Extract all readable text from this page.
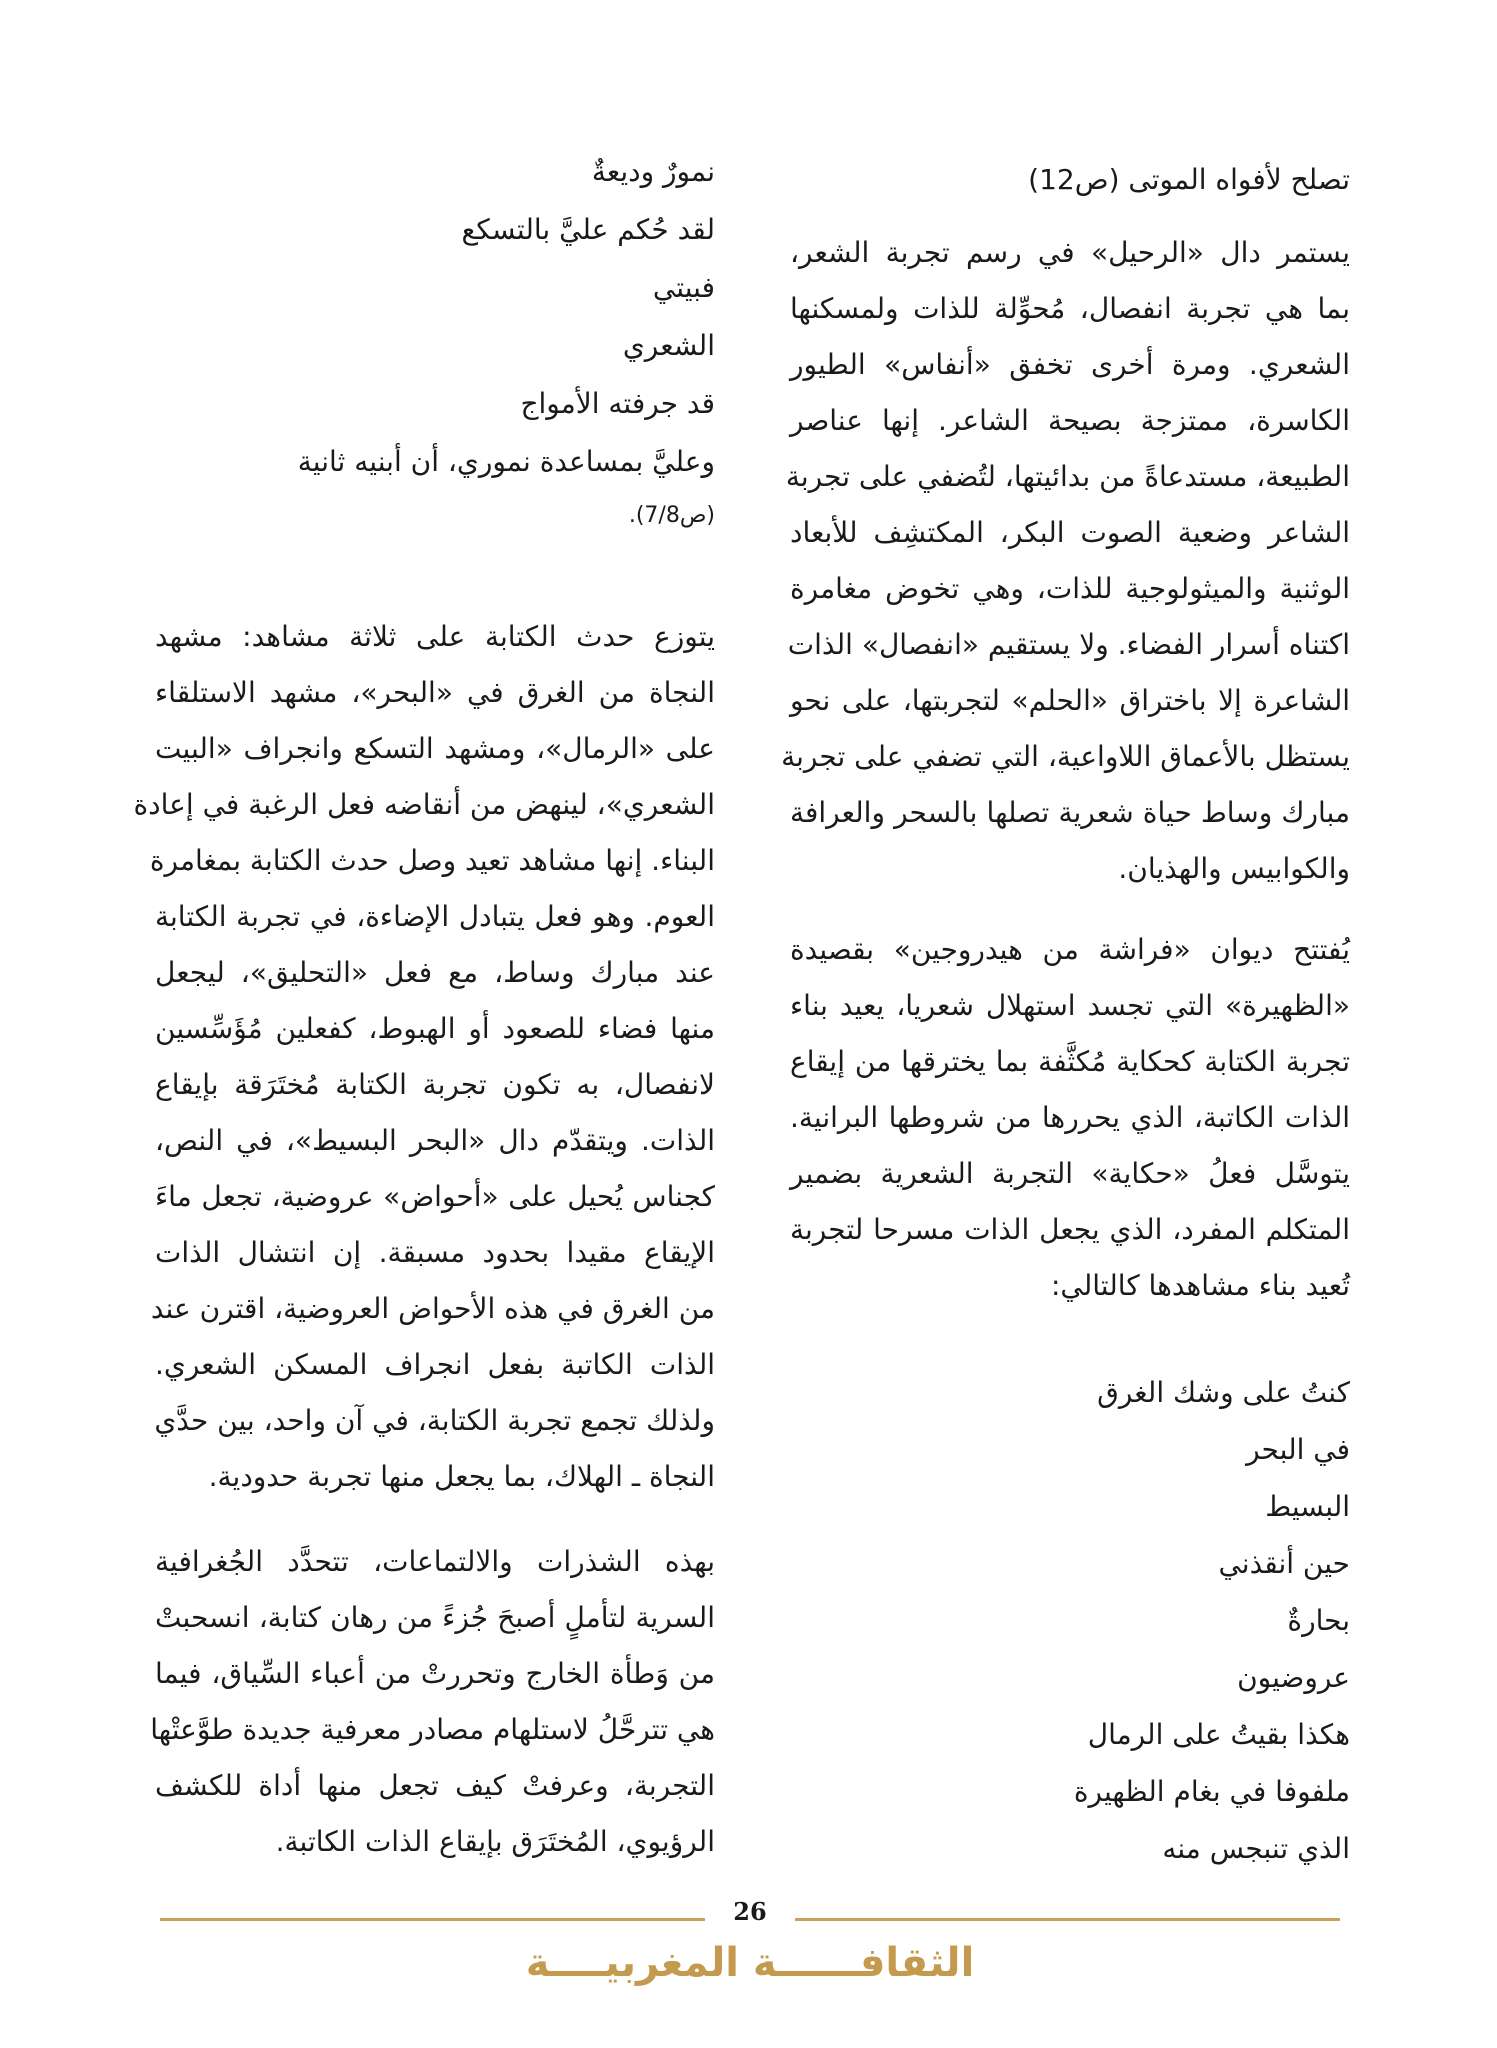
تصلح لأفواه الموتى (ص12)
يستمر دال «الرحيل» في رسم تجربة الشعر،
بما هي تجربة انفصال، مُحوِّلة للذات ولمسكنها
الشعري. ومرة أخرى تخفق «أنفاس» الطيور
الكاسرة، ممتزجة بصيحة الشاعر. إنها عناصر
الطبيعة، مستدعاةً من بدائيتها، لتُضفي على تجربة
الشاعر وضعية الصوت البكر، المكتشِف للأبعاد
الوثنية والميثولوجية للذات، وهي تخوض مغامرة
اكتناه أسرار الفضاء. ولا يستقيم «انفصال» الذات
الشاعرة إلا باختراق «الحلم» لتجربتها، على نحو
يستظل بالأعماق اللاواعية، التي تضفي على تجربة
مبارك وساط حياة شعرية تصلها بالسحر والعرافة
والكوابيس والهذيان.
يُفتتح ديوان «فراشة من هيدروجين» بقصيدة
«الظهيرة» التي تجسد استهلال شعريا، يعيد بناء
تجربة الكتابة كحكاية مُكثَّفة بما يخترقها من إيقاع
الذات الكاتبة، الذي يحررها من شروطها البرانية.
يتوسَّل فعلُ «حكاية» التجربة الشعرية بضمير
المتكلم المفرد، الذي يجعل الذات مسرحا لتجربة
تُعيد بناء مشاهدها كالتالي:
كنتُ على وشك الغرق
في البحر
البسيط
حين أنقذني
بحارةٌ
عروضيون
هكذا بقيتُ على الرمال
ملفوفا في بغام الظهيرة
الذي تنبجس منه
نمورٌ وديعةٌ
لقد حُكم عليَّ بالتسكع
فبيتي
الشعري
قد جرفته الأمواج
وعليَّ بمساعدة نموري، أن أبنيه ثانية
(ص7/8).
يتوزع حدث الكتابة على ثلاثة مشاهد: مشهد
النجاة من الغرق في «البحر»، مشهد الاستلقاء
على «الرمال»، ومشهد التسكع وانجراف «البيت
الشعري»، لينهض من أنقاضه فعل الرغبة في إعادة
البناء. إنها مشاهد تعيد وصل حدث الكتابة بمغامرة
العوم. وهو فعل يتبادل الإضاءة، في تجربة الكتابة
عند مبارك وساط، مع فعل «التحليق»، ليجعل
منها فضاء للصعود أو الهبوط، كفعلين مُؤَسِّسين
لانفصال، به تكون تجربة الكتابة مُختَرَقة بإيقاع
الذات. ويتقدّم دال «البحر البسيط»، في النص،
كجناس يُحيل على «أحواض» عروضية، تجعل ماءَ
الإيقاع مقيدا بحدود مسبقة. إن انتشال الذات
من الغرق في هذه الأحواض العروضية، اقترن عند
الذات الكاتبة بفعل انجراف المسكن الشعري.
ولذلك تجمع تجربة الكتابة، في آن واحد، بين حدَّي
النجاة ـ الهلاك، بما يجعل منها تجربة حدودية.
بهذه الشذرات والالتماعات، تتحدَّد الجُغرافية
السرية لتأملٍ أصبحَ جُزءً من رهان كتابة، انسحبتْ
من وَطأة الخارج وتحررتْ من أعباء السِّياق، فيما
هي تترحَّلُ لاستلهام مصادر معرفية جديدة طوَّعتْها
التجربة، وعرفتْ كيف تجعل منها أداة للكشف
الرؤيوي، المُختَرَق بإيقاع الذات الكاتبة.
26
الثقافــــــة المغربيــــة
